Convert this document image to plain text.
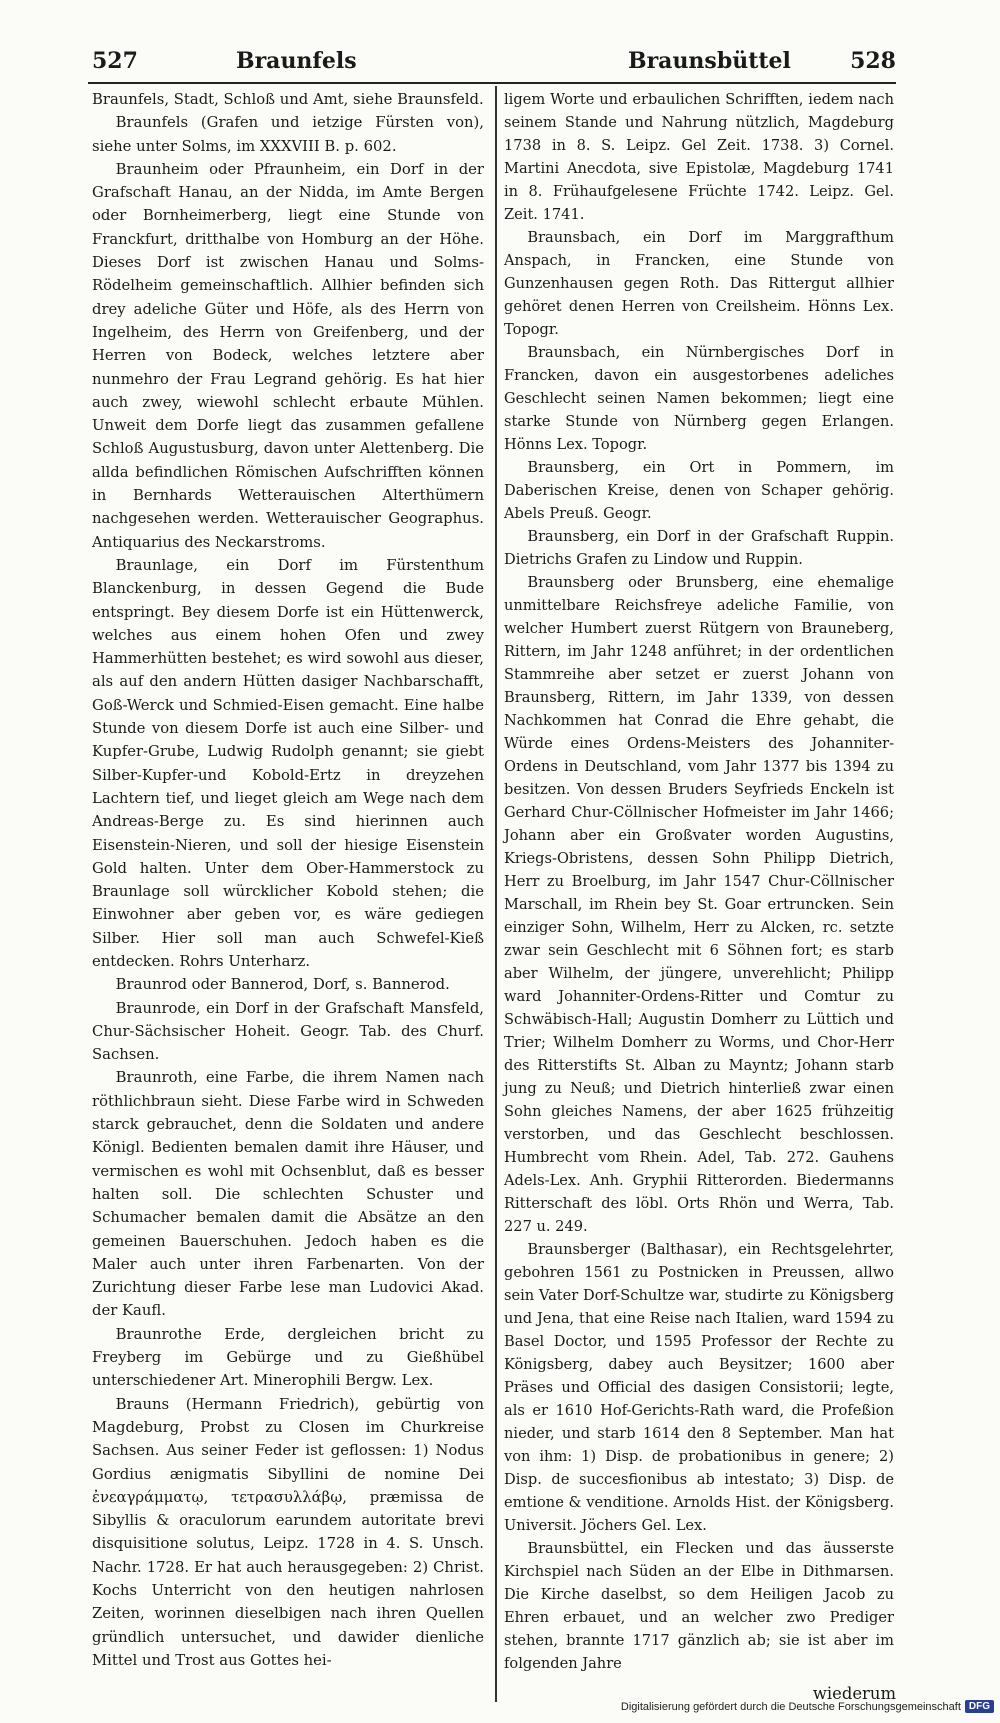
527	Braunfels	Braunsbüttel	528

Braunfels, Stadt, Schloß und Amt, siehe Braunsfeld.

Braunfels (Grafen und ietzige Fürsten von), siehe unter Solms, im XXXVIII B. p. 602.

Braunheim oder Pfraunheim, ein Dorf in der Grafschaft Hanau, an der Nidda, im Amte Bergen oder Bornheimerberg, liegt eine Stunde von Franckfurt, dritthalbe von Homburg an der Höhe. Dieses Dorf ist zwischen Hanau und Solms-Rödelheim gemeinschaftlich. Allhier befinden sich drey adeliche Güter und Höfe, als des Herrn von Ingelheim, des Herrn von Greifenberg, und der Herren von Bodeck, welches letztere aber nunmehro der Frau Legrand gehörig. Es hat hier auch zwey, wiewohl schlecht erbaute Mühlen. Unweit dem Dorfe liegt das zusammen gefallene Schloß Augustusburg, davon unter Alettenberg. Die allda befindlichen Römischen Aufschrifften können in Bernhards Wetterauischen Alterthümern nachgesehen werden. Wetterauischer Geographus. Antiquarius des Neckarstroms.

Braunlage, ein Dorf im Fürstenthum Blanckenburg, in dessen Gegend die Bude entspringt. Bey diesem Dorfe ist ein Hüttenwerck, welches aus einem hohen Ofen und zwey Hammerhütten bestehet; es wird sowohl aus dieser, als auf den andern Hütten dasiger Nachbarschafft, Goß-Werck und Schmied-Eisen gemacht. Eine halbe Stunde von diesem Dorfe ist auch eine Silber- und Kupfer-Grube, Ludwig Rudolph genannt; sie giebt Silber-Kupfer-und Kobold-Ertz in dreyzehen Lachtern tief, und lieget gleich am Wege nach dem Andreas-Berge zu. Es sind hierinnen auch Eisenstein-Nieren, und soll der hiesige Eisenstein Gold halten. Unter dem Ober-Hammerstock zu Braunlage soll würcklicher Kobold stehen; die Einwohner aber geben vor, es wäre gediegen Silber. Hier soll man auch Schwefel-Kieß entdecken. Rohrs Unterharz.

Braunrod oder Bannerod, Dorf, s. Bannerod.

Braunrode, ein Dorf in der Grafschaft Mansfeld, Chur-Sächsischer Hoheit. Geogr. Tab. des Churf. Sachsen.

Braunroth, eine Farbe, die ihrem Namen nach röthlichbraun sieht. Diese Farbe wird in Schweden starck gebrauchet, denn die Soldaten und andere Königl. Bedienten bemalen damit ihre Häuser, und vermischen es wohl mit Ochsenblut, daß es besser halten soll. Die schlechten Schuster und Schumacher bemalen damit die Absätze an den gemeinen Bauerschuhen. Jedoch haben es die Maler auch unter ihren Farbenarten. Von der Zurichtung dieser Farbe lese man Ludovici Akad. der Kaufl.

Braunrothe Erde, dergleichen bricht zu Freyberg im Gebürge und zu Gießhübel unterschiedener Art. Minerophili Bergw. Lex.

Brauns (Hermann Friedrich), gebürtig von Magdeburg, Probst zu Closen im Churkreise Sachsen. Aus seiner Feder ist geflossen: 1) Nodus Gordius ænigmatis Sibyllini de nomine Dei ἐνεαγράμματῳ, τετρασυλλάβῳ, præmissa de Sibyllis & oraculorum earundem autoritate brevi disquisitione solutus, Leipz. 1728 in 4. S. Unsch. Nachr. 1728. Er hat auch herausgegeben: 2) Christ. Kochs Unterricht von den heutigen nahrlosen Zeiten, worinnen dieselbigen nach ihren Quellen gründlich untersuchet, und dawider dienliche Mittel und Trost aus Gottes hei-

ligem Worte und erbaulichen Schrifften, iedem nach seinem Stande und Nahrung nützlich, Magdeburg 1738 in 8. S. Leipz. Gel Zeit. 1738. 3) Cornel. Martini Anecdota, sive Epistolæ, Magdeburg 1741 in 8. Frühaufgelesene Früchte 1742. Leipz. Gel. Zeit. 1741.

Braunsbach, ein Dorf im Marggrafthum Anspach, in Francken, eine Stunde von Gunzenhausen gegen Roth. Das Rittergut allhier gehöret denen Herren von Creilsheim. Hönns Lex. Topogr.

Braunsbach, ein Nürnbergisches Dorf in Francken, davon ein ausgestorbenes adeliches Geschlecht seinen Namen bekommen; liegt eine starke Stunde von Nürnberg gegen Erlangen. Hönns Lex. Topogr.

Braunsberg, ein Ort in Pommern, im Daberischen Kreise, denen von Schaper gehörig. Abels Preuß. Geogr.

Braunsberg, ein Dorf in der Grafschaft Ruppin. Dietrichs Grafen zu Lindow und Ruppin.

Braunsberg oder Brunsberg, eine ehemalige unmittelbare Reichsfreye adeliche Familie, von welcher Humbert zuerst Rütgern von Brauneberg, Rittern, im Jahr 1248 anführet; in der ordentlichen Stammreihe aber setzet er zuerst Johann von Braunsberg, Rittern, im Jahr 1339, von dessen Nachkommen hat Conrad die Ehre gehabt, die Würde eines Ordens-Meisters des Johanniter-Ordens in Deutschland, vom Jahr 1377 bis 1394 zu besitzen. Von dessen Bruders Seyfrieds Enckeln ist Gerhard Chur-Cöllnischer Hofmeister im Jahr 1466; Johann aber ein Großvater worden Augustins, Kriegs-Obristens, dessen Sohn Philipp Dietrich, Herr zu Broelburg, im Jahr 1547 Chur-Cöllnischer Marschall, im Rhein bey St. Goar ertruncken. Sein einziger Sohn, Wilhelm, Herr zu Alcken, rc. setzte zwar sein Geschlecht mit 6 Söhnen fort; es starb aber Wilhelm, der jüngere, unverehlicht; Philipp ward Johanniter-Ordens-Ritter und Comtur zu Schwäbisch-Hall; Augustin Domherr zu Lüttich und Trier; Wilhelm Domherr zu Worms, und Chor-Herr des Ritterstifts St. Alban zu Mayntz; Johann starb jung zu Neuß; und Dietrich hinterließ zwar einen Sohn gleiches Namens, der aber 1625 frühzeitig verstorben, und das Geschlecht beschlossen. Humbrecht vom Rhein. Adel, Tab. 272. Gauhens Adels-Lex. Anh. Gryphii Ritterorden. Biedermanns Ritterschaft des löbl. Orts Rhön und Werra, Tab. 227 u. 249.

Braunsberger (Balthasar), ein Rechtsgelehrter, gebohren 1561 zu Postnicken in Preussen, allwo sein Vater Dorf-Schultze war, studirte zu Königsberg und Jena, that eine Reise nach Italien, ward 1594 zu Basel Doctor, und 1595 Professor der Rechte zu Königsberg, dabey auch Beysitzer; 1600 aber Präses und Official des dasigen Consistorii; legte, als er 1610 Hof-Gerichts-Rath ward, die Profeßion nieder, und starb 1614 den 8 September. Man hat von ihm: 1) Disp. de probationibus in genere; 2) Disp. de succesfionibus ab intestato; 3) Disp. de emtione & venditione. Arnolds Hist. der Königsberg. Universit. Jöchers Gel. Lex.

Braunsbüttel, ein Flecken und das äusserste Kirchspiel nach Süden an der Elbe in Dithmarsen. Die Kirche daselbst, so dem Heiligen Jacob zu Ehren erbauet, und an welcher zwo Prediger stehen, brannte 1717 gänzlich ab; sie ist aber im folgenden Jahre

wiederum
Digitalisierung gefördert durch die Deutsche Forschungsgemeinschaft DFG
